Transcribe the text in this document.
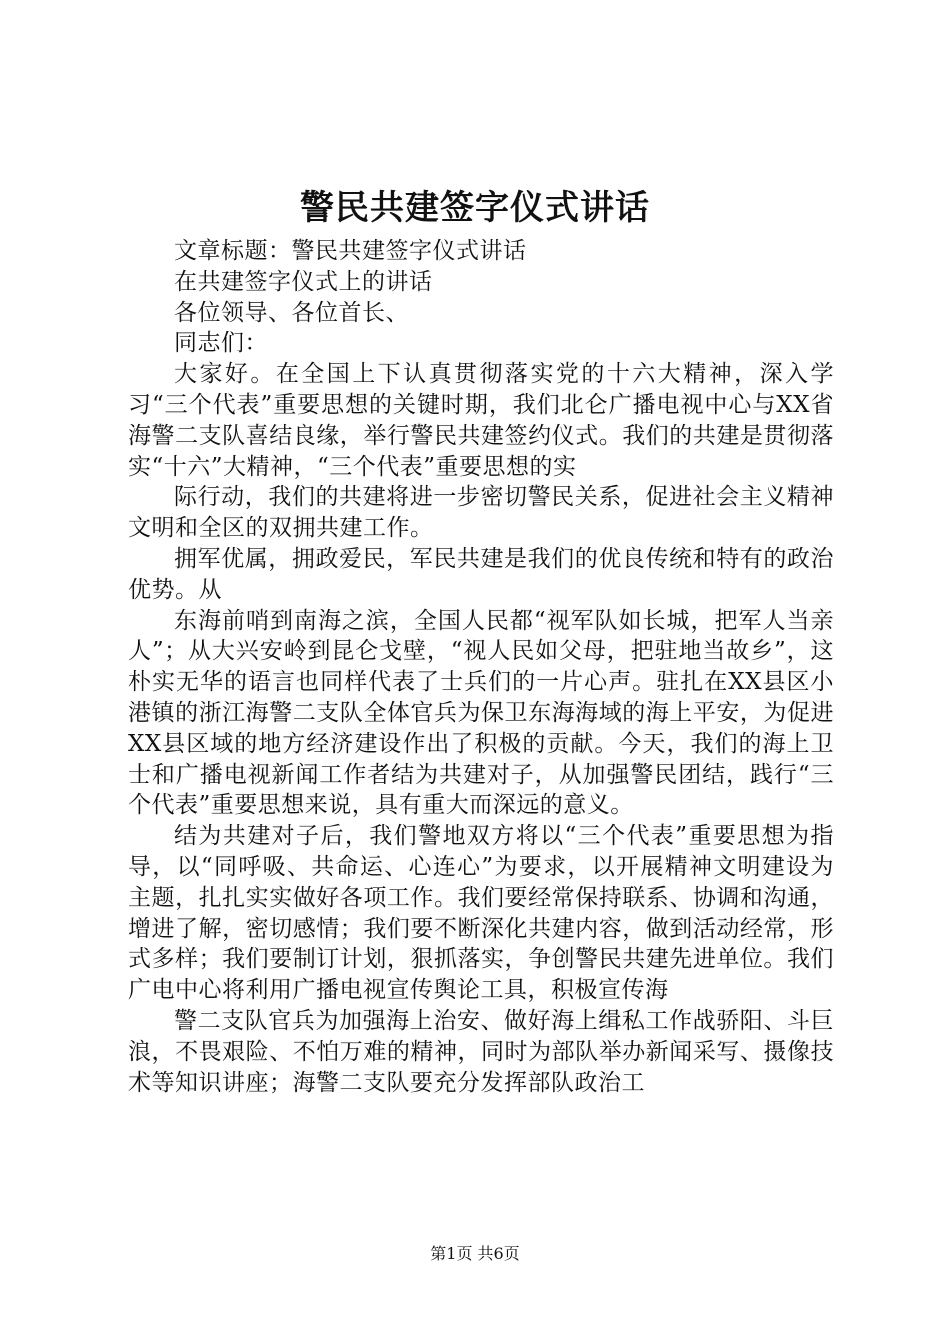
警民共建签字仪式讲话

文章标题：警民共建签字仪式讲话

在共建签字仪式上的讲话

各位领导、各位首长、

同志们：

大家好。在全国上下认真贯彻落实党的十六大精神，深入学习“三个代表”重要思想的关键时期，我们北仑广播电视中心与XX省海警二支队喜结良缘，举行警民共建签约仪式。我们的共建是贯彻落实“十六”大精神，“三个代表”重要思想的实

际行动，我们的共建将进一步密切警民关系，促进社会主义精神文明和全区的双拥共建工作。

拥军优属，拥政爱民，军民共建是我们的优良传统和特有的政治优势。从

东海前哨到南海之滨，全国人民都“视军队如长城，把军人当亲人”；从大兴安岭到昆仑戈壁，“视人民如父母，把驻地当故乡”，这朴实无华的语言也同样代表了士兵们的一片心声。驻扎在XX县区小港镇的浙江海警二支队全体官兵为保卫东海海域的海上平安，为促进XX县区域的地方经济建设作出了积极的贡献。今天，我们的海上卫士和广播电视新闻工作者结为共建对子，从加强警民团结，践行“三个代表”重要思想来说，具有重大而深远的意义。

结为共建对子后，我们警地双方将以“三个代表”重要思想为指导，以“同呼吸、共命运、心连心”为要求，以开展精神文明建设为主题，扎扎实实做好各项工作。我们要经常保持联系、协调和沟通，增进了解，密切感情；我们要不断深化共建内容，做到活动经常，形式多样；我们要制订计划，狠抓落实，争创警民共建先进单位。我们广电中心将利用广播电视宣传舆论工具，积极宣传海

警二支队官兵为加强海上治安、做好海上缉私工作战骄阳、斗巨浪，不畏艰险、不怕万难的精神，同时为部队举办新闻采写、摄像技术等知识讲座；海警二支队要充分发挥部队政治工

第1页 共6页
